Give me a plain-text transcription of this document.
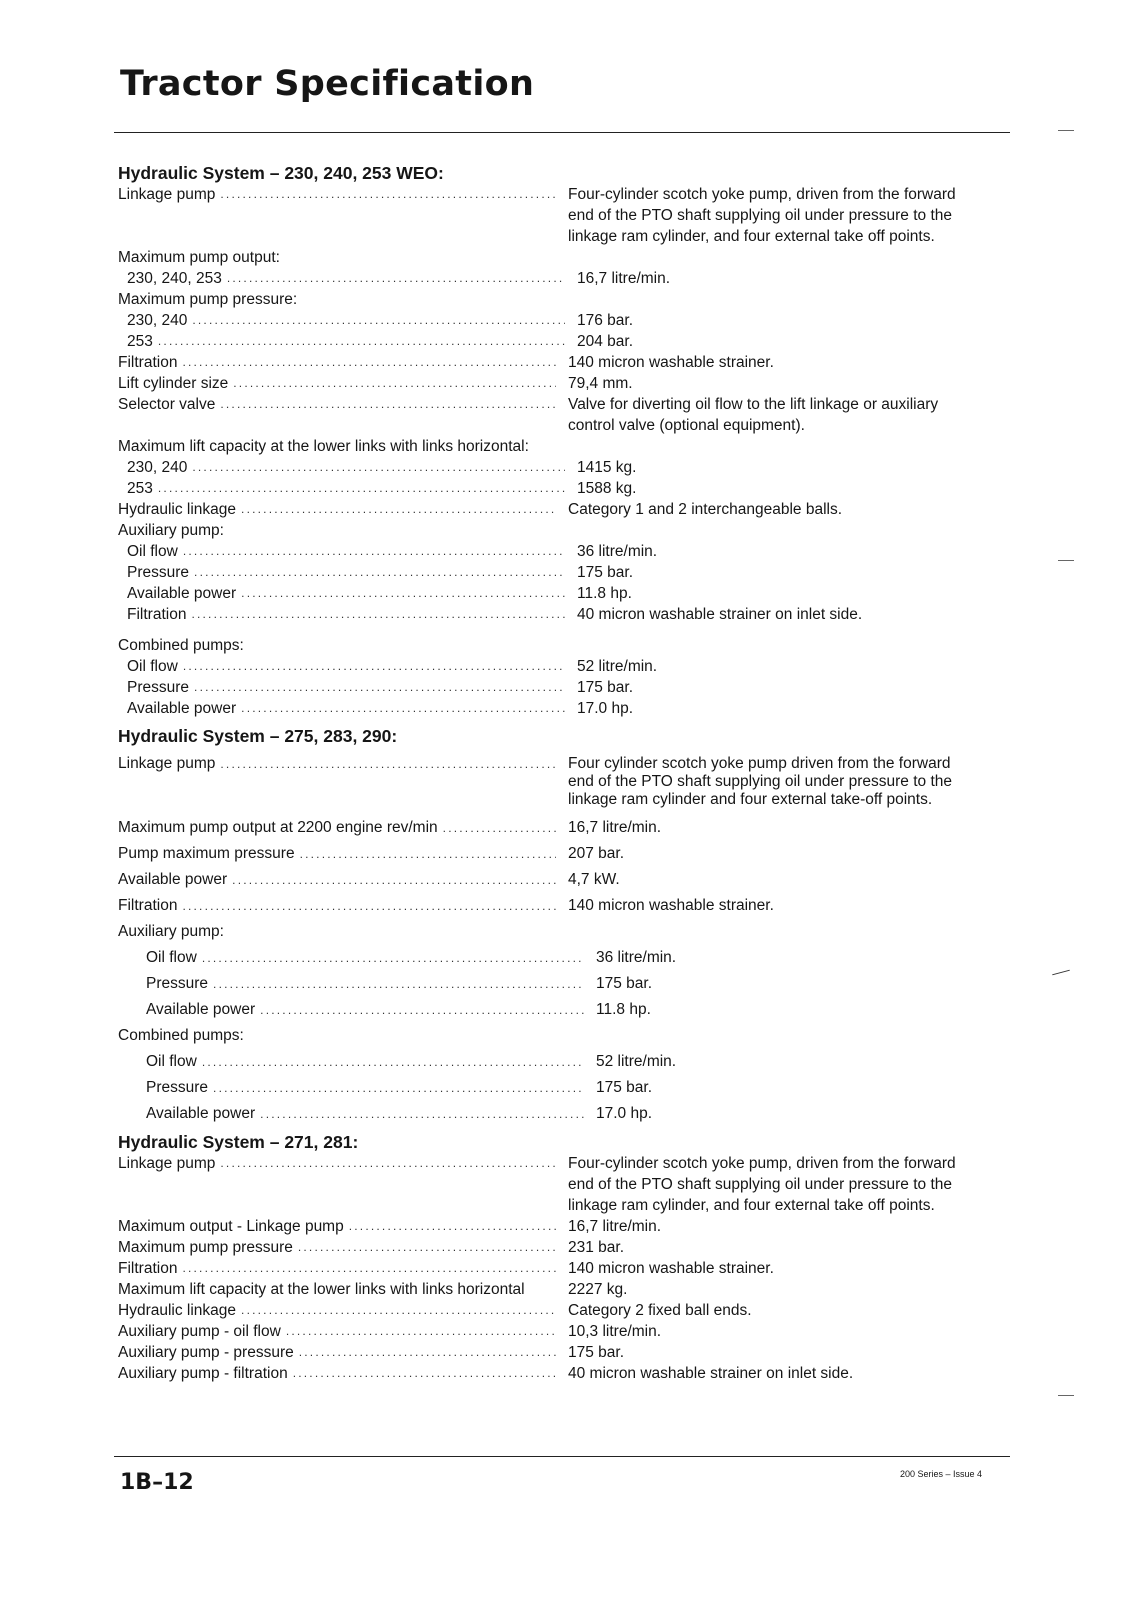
Tractor Specification
Hydraulic System – 230, 240, 253 WEO:
Linkage pump .....	Four-cylinder scotch yoke pump, driven from the forward
end of the PTO shaft supplying oil under pressure to the
linkage ram cylinder, and four external take off points.
Maximum pump output:
230, 240, 253 .....	16,7 litre/min.
Maximum pump pressure:
230, 240 .....	176 bar.
253 .....	204 bar.
Filtration .....	140 micron washable strainer.
Lift cylinder size .....	79,4 mm.
Selector valve .....	Valve for diverting oil flow to the lift linkage or auxiliary
control valve (optional equipment).
Maximum lift capacity at the lower links with links horizontal:
230, 240 .....	1415 kg.
253 .....	1588 kg.
Hydraulic linkage .....	Category 1 and 2 interchangeable balls.
Auxiliary pump:
Oil flow .....	36 litre/min.
Pressure .....	175 bar.
Available power .....	11.8 hp.
Filtration .....	40 micron washable strainer on inlet side.
Combined pumps:
Oil flow .....	52 litre/min.
Pressure .....	175 bar.
Available power .....	17.0 hp.
Hydraulic System – 275, 283, 290:
Linkage pump .....	Four cylinder scotch yoke pump driven from the forward
end of the PTO shaft supplying oil under pressure to the
linkage ram cylinder and four external take-off points.
Maximum pump output at 2200 engine rev/min .....	16,7 litre/min.
Pump maximum pressure .....	207 bar.
Available power .....	4,7 kW.
Filtration .....	140 micron washable strainer.
Auxiliary pump:
Oil flow .....	36 litre/min.
Pressure .....	175 bar.
Available power .....	11.8 hp.
Combined pumps:
Oil flow .....	52 litre/min.
Pressure .....	175 bar.
Available power .....	17.0 hp.
Hydraulic System – 271, 281:
Linkage pump .....	Four-cylinder scotch yoke pump, driven from the forward
end of the PTO shaft supplying oil under pressure to the
linkage ram cylinder, and four external take off points.
Maximum output - Linkage pump .....	16,7 litre/min.
Maximum pump pressure .....	231 bar.
Filtration .....	140 micron washable strainer.
Maximum lift capacity at the lower links with links horizontal	2227 kg.
Hydraulic linkage .....	Category 2 fixed ball ends.
Auxiliary pump - oil flow .....	10,3 litre/min.
Auxiliary pump - pressure .....	175 bar.
Auxiliary pump - filtration .....	40 micron washable strainer on inlet side.
1B–12	200 Series – Issue 4
